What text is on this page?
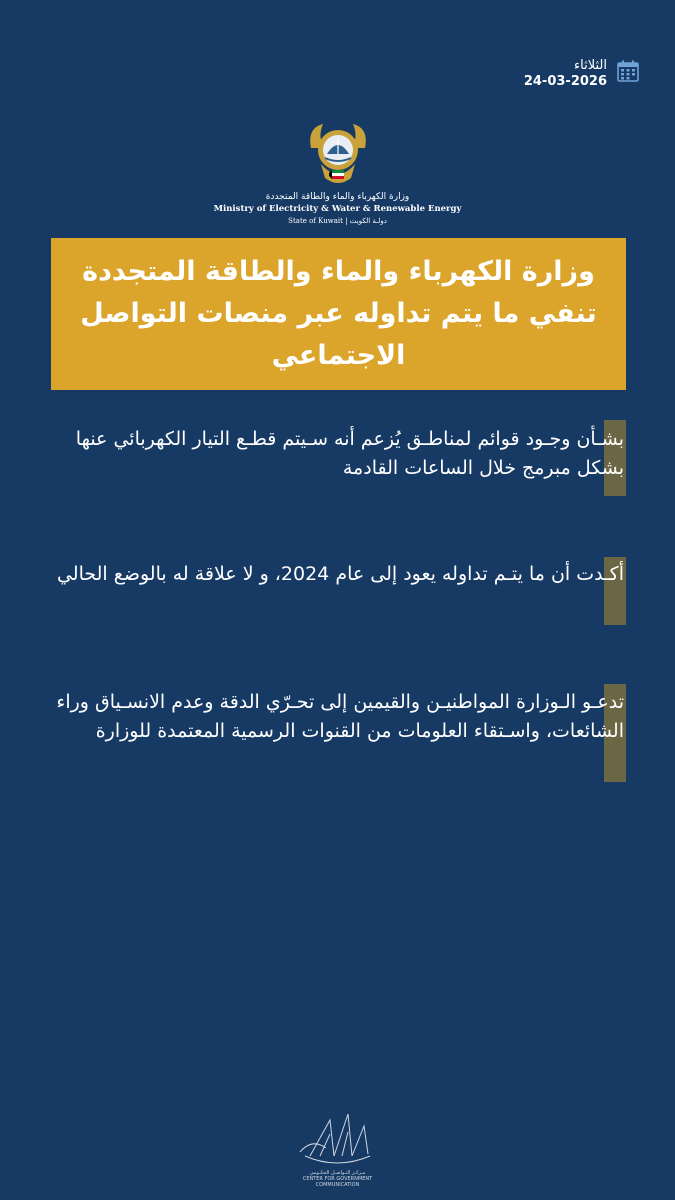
الثلاثاء
24-03-2026
وزارة الكهرباء والماء والطاقة المتجددة
Ministry of Electricity & Water & Renewable Energy
State of Kuwait | دولـة الكويت
وزارة الكهرباء والماء والطاقة المتجددة تنفي ما يتم تداوله عبر منصات التواصل الاجتماعي

بشـأن وجـود قوائم لمناطـق يُزعم أنه سـيتم قطـع التيار الكهربائي عنها بشكل مبرمج خلال الساعات القادمة

أكـدت أن ما يتـم تداوله يعود إلى عام 2024، و لا علاقة له بالوضع الحالي

تدعـو الـوزارة المواطنيـن والقيمين إلى تحـرّي الدقة وعدم الانسـياق وراء الشائعات، واسـتقاء العلومات من القنوات الرسمية المعتمدة للوزارة

مـركـز التـواصـل الحكـومي
CENTER FOR GOVERNMENT COMMUNICATION
